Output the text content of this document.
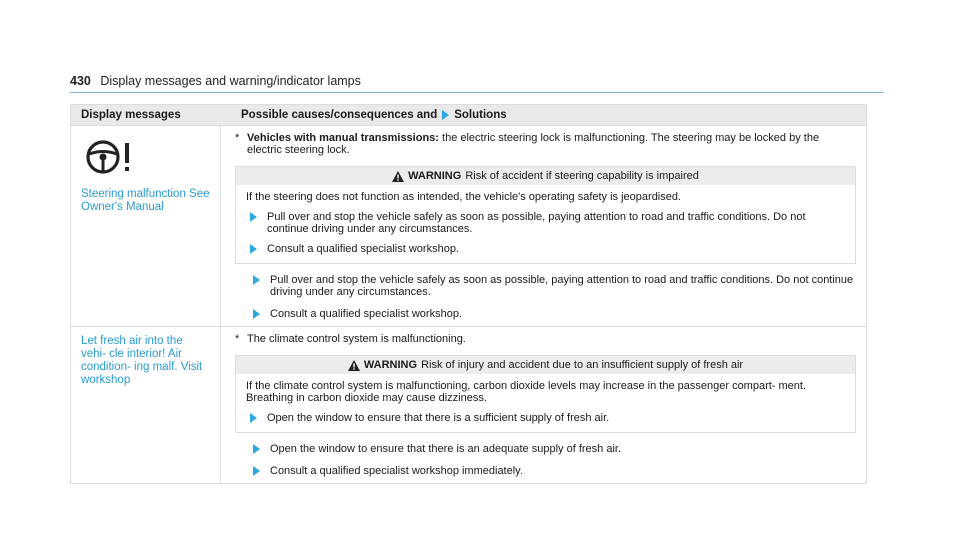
430 Display messages and warning/indicator lamps
Display messages	Possible causes/consequences and Solutions
Steering malfunction See Owner's Manual
* Vehicles with manual transmissions: the electric steering lock is malfunctioning. The steering may be locked by the electric steering lock.
WARNING Risk of accident if steering capability is impaired
If the steering does not function as intended, the vehicle's operating safety is jeopardised.
Pull over and stop the vehicle safely as soon as possible, paying attention to road and traffic conditions. Do not continue driving under any circumstances.
Consult a qualified specialist workshop.
Pull over and stop the vehicle safely as soon as possible, paying attention to road and traffic conditions. Do not continue driving under any circumstances.
Consult a qualified specialist workshop.
Let fresh air into the vehi- cle interior! Air condition- ing malf. Visit workshop
* The climate control system is malfunctioning.
WARNING Risk of injury and accident due to an insufficient supply of fresh air
If the climate control system is malfunctioning, carbon dioxide levels may increase in the passenger compart- ment. Breathing in carbon dioxide may cause dizziness.
Open the window to ensure that there is a sufficient supply of fresh air.
Open the window to ensure that there is an adequate supply of fresh air.
Consult a qualified specialist workshop immediately.
